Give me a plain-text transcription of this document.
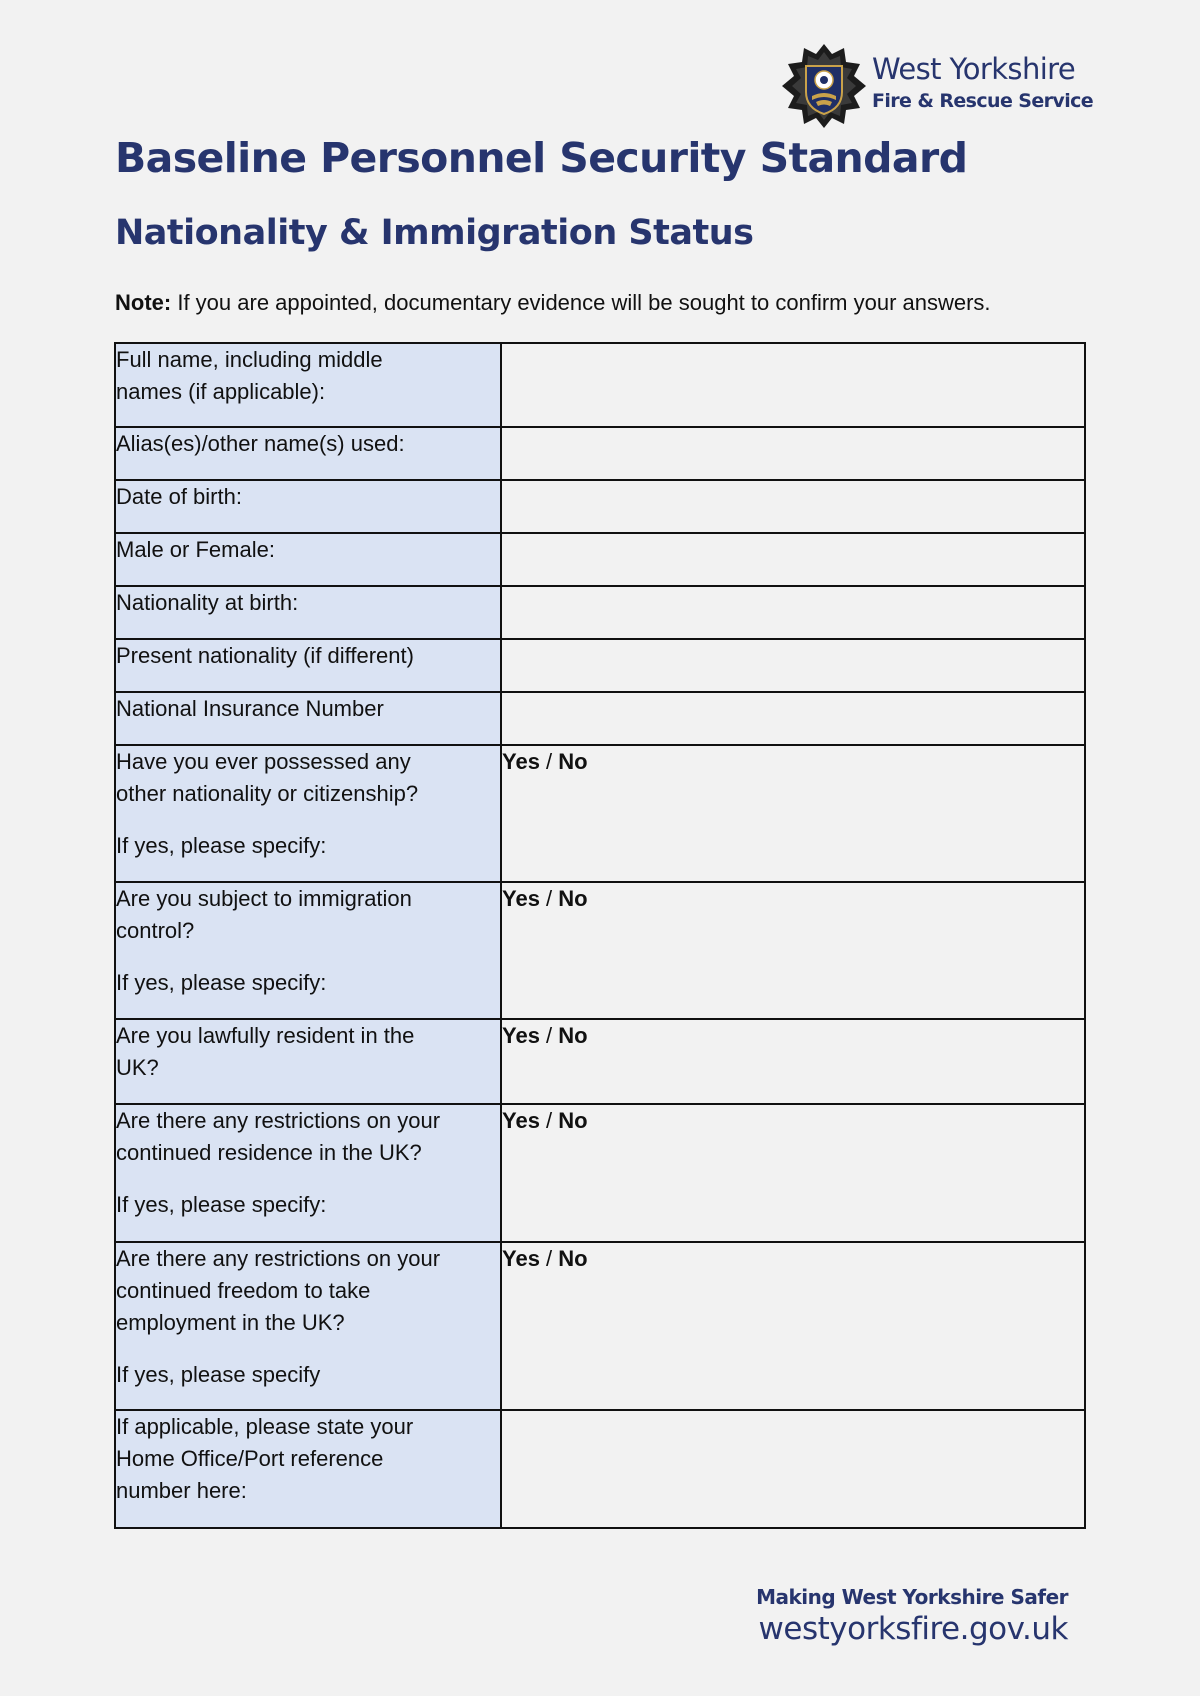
West Yorkshire
Fire & Rescue Service
Baseline Personnel Security Standard
Nationality & Immigration Status
Note: If you are appointed, documentary evidence will be sought to confirm your answers.
Full name, including middle
names (if applicable):	

Alias(es)/other name(s) used:	

Date of birth:	

Male or Female:	

Nationality at birth:	

Present nationality (if different)	

National Insurance Number	

Have you ever possessed any
other nationality or citizenship?
If yes, please specify:	Yes / No

Are you subject to immigration
control?
If yes, please specify:	Yes / No

Are you lawfully resident in the
UK?	Yes / No

Are there any restrictions on your
continued residence in the UK?
If yes, please specify:	Yes / No

Are there any restrictions on your
continued freedom to take
employment in the UK?
If yes, please specify	Yes / No

If applicable, please state your
Home Office/Port reference
number here:	

Making West Yorkshire Safer
westyorksfire.gov.uk
